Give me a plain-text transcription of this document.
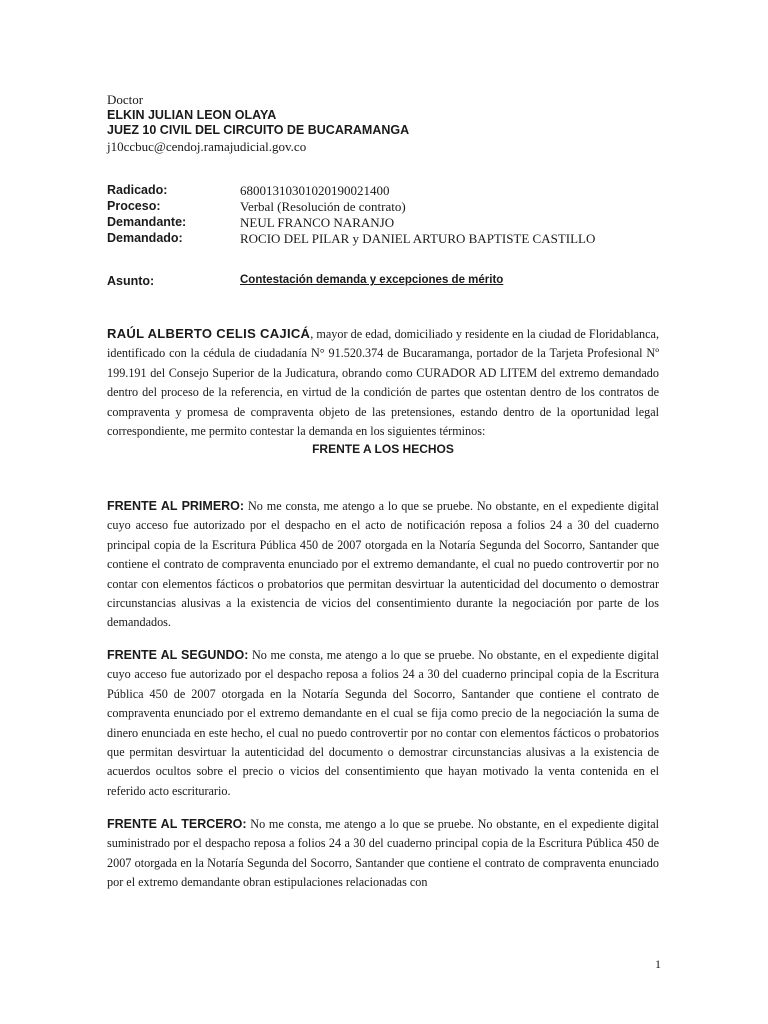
Doctor
ELKIN JULIAN LEON OLAYA
JUEZ 10 CIVIL DEL CIRCUITO DE BUCARAMANGA
j10ccbuc@cendoj.ramajudicial.gov.co
Radicado:	68001310301020190021400
Proceso:	Verbal (Resolución de contrato)
Demandante:	NEUL FRANCO NARANJO
Demandado:	ROCIO DEL PILAR y DANIEL ARTURO BAPTISTE CASTILLO
Asunto:	Contestación demanda y excepciones de mérito

RAÚL ALBERTO CELIS CAJICÁ, mayor de edad, domiciliado y residente en la ciudad de Floridablanca, identificado con la cédula de ciudadanía N° 91.520.374 de Bucaramanga, portador de la Tarjeta Profesional Nº 199.191 del Consejo Superior de la Judicatura, obrando como CURADOR AD LITEM del extremo demandado dentro del proceso de la referencia, en virtud de la condición de partes que ostentan dentro de los contratos de compraventa y promesa de compraventa objeto de las pretensiones, estando dentro de la oportunidad legal correspondiente, me permito contestar la demanda en los siguientes términos:

FRENTE A LOS HECHOS

FRENTE AL PRIMERO: No me consta, me atengo a lo que se pruebe. No obstante, en el expediente digital cuyo acceso fue autorizado por el despacho en el acto de notificación reposa a folios 24 a 30 del cuaderno principal copia de la Escritura Pública 450 de 2007 otorgada en la Notaría Segunda del Socorro, Santander que contiene el contrato de compraventa enunciado por el extremo demandante, el cual no puedo controvertir por no contar con elementos fácticos o probatorios que permitan desvirtuar la autenticidad del documento o demostrar circunstancias alusivas a la existencia de vicios del consentimiento durante la negociación por parte de los demandados.

FRENTE AL SEGUNDO: No me consta, me atengo a lo que se pruebe. No obstante, en el expediente digital cuyo acceso fue autorizado por el despacho reposa a folios 24 a 30 del cuaderno principal copia de la Escritura Pública 450 de 2007 otorgada en la Notaría Segunda del Socorro, Santander que contiene el contrato de compraventa enunciado por el extremo demandante en el cual se fija como precio de la negociación la suma de dinero enunciada en este hecho, el cual no puedo controvertir por no contar con elementos fácticos o probatorios que permitan desvirtuar la autenticidad del documento o demostrar circunstancias alusivas a la existencia de acuerdos ocultos sobre el precio o vicios del consentimiento que hayan motivado la venta contenida en el referido acto escriturario.

FRENTE AL TERCERO: No me consta, me atengo a lo que se pruebe. No obstante, en el expediente digital suministrado por el despacho reposa a folios 24 a 30 del cuaderno principal copia de la Escritura Pública 450 de 2007 otorgada en la Notaría Segunda del Socorro, Santander que contiene el contrato de compraventa enunciado por el extremo demandante obran estipulaciones relacionadas con

1
